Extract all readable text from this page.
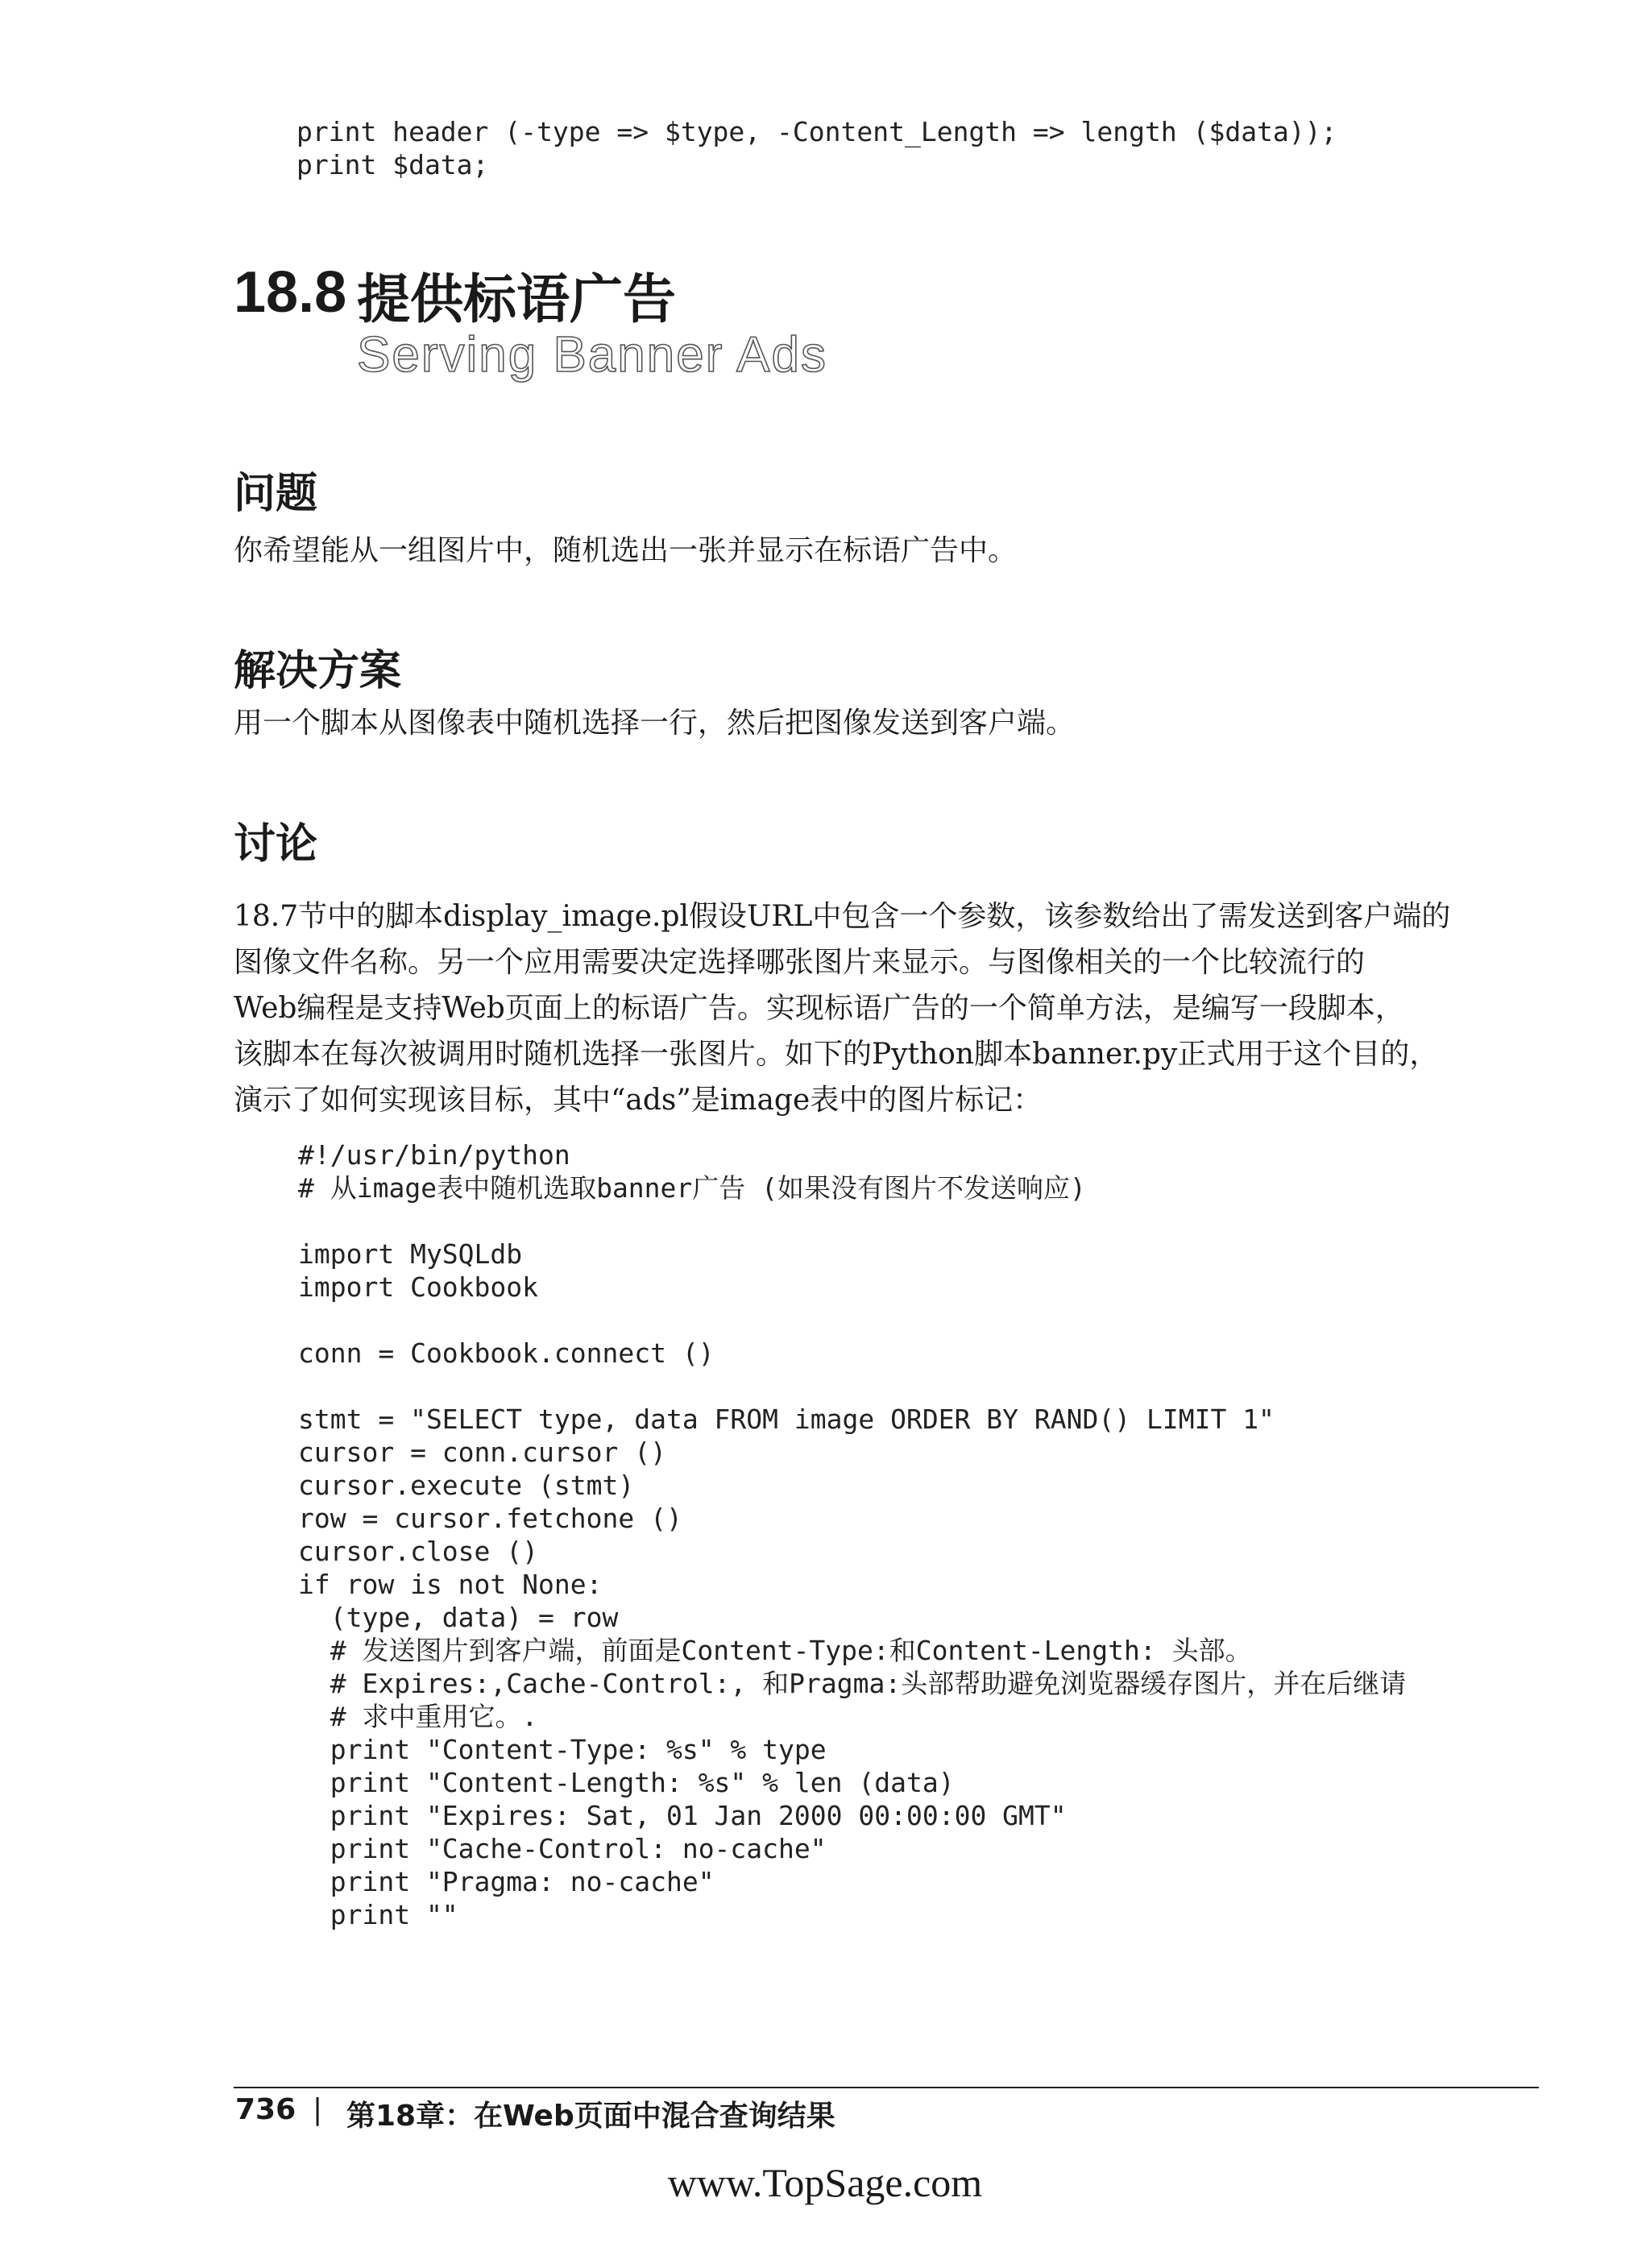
print header (-type => $type, -Content_Length => length ($data));
print $data;
18.8 提供标语广告
Serving Banner Ads
问题

你希望能从一组图片中，随机选出一张并显示在标语广告中。

解决方案

用一个脚本从图像表中随机选择一行，然后把图像发送到客户端。

讨论

18.7节中的脚本display_image.pl假设URL中包含一个参数，该参数给出了需发送到客户端的

图像文件名称。另一个应用需要决定选择哪张图片来显示。与图像相关的一个比较流行的

Web编程是支持Web页面上的标语广告。实现标语广告的一个简单方法，是编写一段脚本，

该脚本在每次被调用时随机选择一张图片。如下的Python脚本banner.py正式用于这个目的，

演示了如何实现该目标，其中“ads”是image表中的图片标记：

#!/usr/bin/python
# 从image表中随机选取banner广告 (如果没有图片不发送响应)

import MySQLdb
import Cookbook

conn = Cookbook.connect ()

stmt = "SELECT type, data FROM image ORDER BY RAND() LIMIT 1"
cursor = conn.cursor ()
cursor.execute (stmt)
row = cursor.fetchone ()
cursor.close ()
if row is not None:
(type, data) = row
# 发送图片到客户端，前面是Content-Type:和Content-Length: 头部。
# Expires:,Cache-Control:, 和Pragma:头部帮助避免浏览器缓存图片，并在后继请
# 求中重用它。.
print "Content-Type: %s" % type
print "Content-Length: %s" % len (data)
print "Expires: Sat, 01 Jan 2000 00:00:00 GMT"
print "Cache-Control: no-cache"
print "Pragma: no-cache"
print ""
736 | 第18章：在Web页面中混合查询结果
www.TopSage.com
